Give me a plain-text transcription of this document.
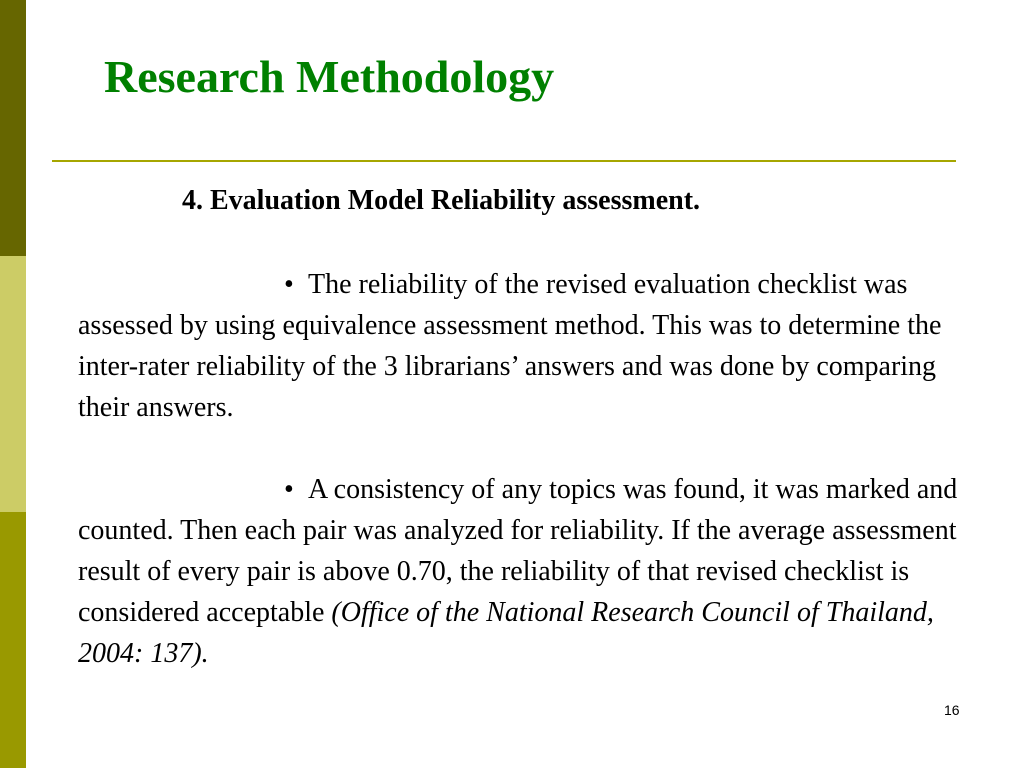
Research Methodology
4. Evaluation Model Reliability assessment.

• The reliability of the revised evaluation checklist was assessed by using equivalence assessment method. This was to determine the inter-rater reliability of the 3 librarians’ answers and was done by comparing their answers.

• A consistency of any topics was found, it was marked and counted. Then each pair was analyzed for reliability. If the average assessment result of every pair is above 0.70, the reliability of that revised checklist is considered acceptable (Office of the National Research Council of Thailand, 2004: 137).

16
